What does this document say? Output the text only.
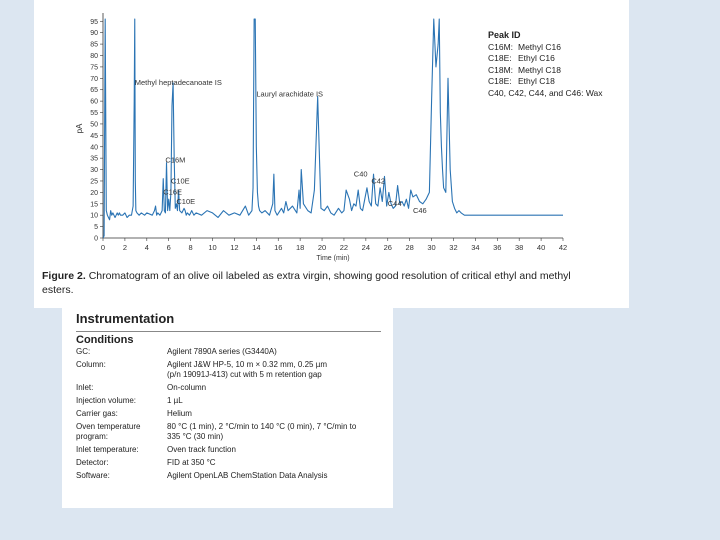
0
5
10
15
20
25
30
35
40
45
50
55
60
65
70
75
80
85
90
95
0 2 4 6 8 10 12 14 16 18 20 22 24 26 28 30 32 34 36 38 40 42
pA
Time (min)
Methyl heptadecanoate IS
Lauryl arachidate IS
C16M
C10E
C16E
C10E
C40
C42
C44
C46
Peak ID
C16M:Methyl C16
C18E:Ethyl C16
C18M:Methyl C18
C18E:Ethyl C18
C40, C42, C44, and C46: Wax
Figure 2. Chromatogram of an olive oil labeled as extra virgin, showing good resolution of critical ethyl and methyl esters.
Instrumentation
Conditions
GC:	Agilent 7890A series (G3440A)
Column:	Agilent J&W HP-5, 10 m × 0.32 mm, 0.25 µm
(p/n 19091J-413) cut with 5 m retention gap
Inlet:	On-column
Injection volume:	1 µL
Carrier gas:	Helium
Oven temperature
program:
80 °C (1 min), 2 °C/min to 140 °C (0 min), 7 °C/min to
335 °C (30 min)
Inlet temperature:	Oven track function
Detector:	FID at 350 °C
Software:	Agilent OpenLAB ChemStation Data Analysis
